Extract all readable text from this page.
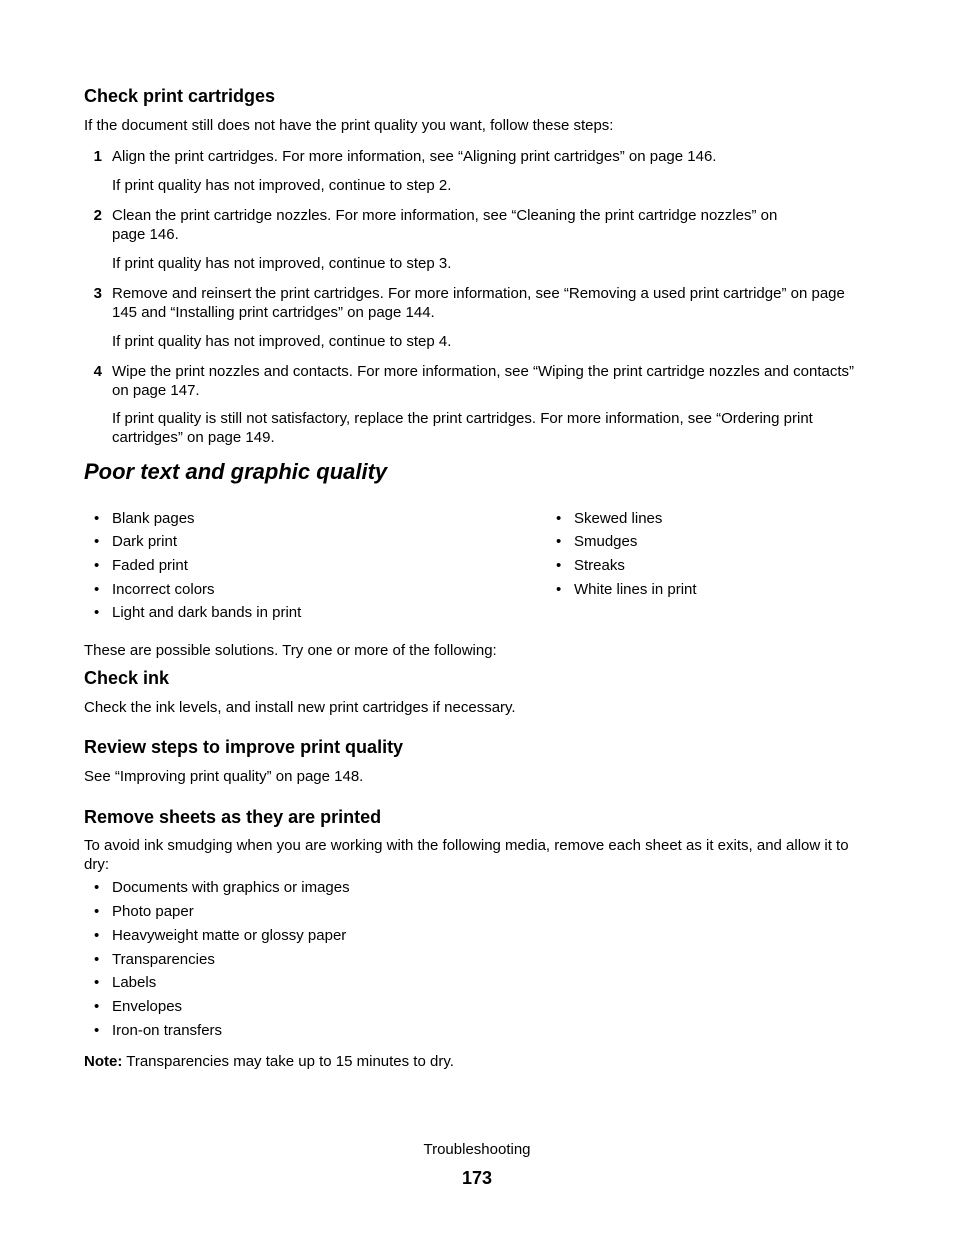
Check print cartridges
If the document still does not have the print quality you want, follow these steps:
1 Align the print cartridges. For more information, see “Aligning print cartridges” on page 146.
If print quality has not improved, continue to step 2.
2 Clean the print cartridge nozzles. For more information, see “Cleaning the print cartridge nozzles” on page 146.
If print quality has not improved, continue to step 3.
3 Remove and reinsert the print cartridges. For more information, see “Removing a used print cartridge” on page 145 and “Installing print cartridges” on page 144.
If print quality has not improved, continue to step 4.
4 Wipe the print nozzles and contacts. For more information, see “Wiping the print cartridge nozzles and contacts” on page 147.
If print quality is still not satisfactory, replace the print cartridges. For more information, see “Ordering print cartridges” on page 149.
Poor text and graphic quality
• Blank pages
• Dark print
• Faded print
• Incorrect colors
• Light and dark bands in print
• Skewed lines
• Smudges
• Streaks
• White lines in print
These are possible solutions. Try one or more of the following:
Check ink
Check the ink levels, and install new print cartridges if necessary.
Review steps to improve print quality
See “Improving print quality” on page 148.
Remove sheets as they are printed
To avoid ink smudging when you are working with the following media, remove each sheet as it exits, and allow it to dry:
• Documents with graphics or images
• Photo paper
• Heavyweight matte or glossy paper
• Transparencies
• Labels
• Envelopes
• Iron-on transfers
Note: Transparencies may take up to 15 minutes to dry.
Troubleshooting
173
